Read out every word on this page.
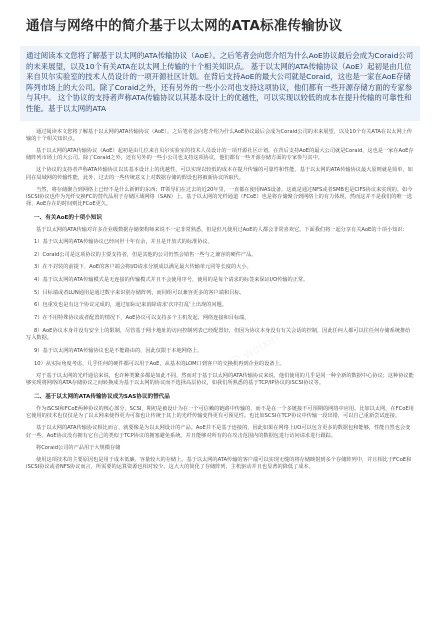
通信与网络中的简介基于以太网的ATA标准传输协议

通过阅读本文您将了解基于以太网的ATA传输协议（AoE）。之后笔者会向您介绍为什么AoE协议最后会成为Coraid公司的未来展望，以及10个有关ATA在以太网上传输的十个相关知识点。 基于以太网的ATA传输协议（AoE）起初是由几位来自贝尔实验室的技术人员设计的一项开源社区计划。在背后支持AoE的最大公司就是Coraid，这也是一家在AoE存储阵列市场上的大公司。除了Coraid之外，还有另外的一些小公司也支持这项协议，他们都有一些开源存储方面的专家参与其中。 这个协议的支持者声称ATA传输协议以其基本设计上的优越性，可以实现以较低的成本在提升传输的可靠性和性能。基于以太网的ATA

通过阅读本文您将了解基于以太网的ATA传输协议（AoE）。之后笔者会向您介绍为什么AoE协议最后会成为Coraid公司的未来展望，以及10个有关ATA在以太网上传输的十个相关知识点。

基于以太网的ATA传输协议（AoE）起初是由几位来自贝尔实验室的技术人员设计的一项开源社区计划。在背后支持AoE的最大公司就是Coraid，这也是一家在AoE存储阵列市场上的大公司。除了Coraid之外，还有另外的一些小公司也支持这项协议，他们都有一些开源存储方面的专家参与其中。

这个协议的支持者声称ATA传输协议以其基本设计上的优越性，可以实现以较低的成本在提升传输的可靠性和性能。基于以太网的ATA传输协议最大原则就是简单，如同在局域网的传输性能，此外，过去的一些传统意义上对数据存储的假设也将被新协议所取代。

当然，将存储聚合到网络上已经不是什么新鲜的东西；IT领导们在过去的近20年里，一直都在使用NAS设备，这就是通过NFS或者SMB也是CIFS协议来实现的。如今iSCSI协议也作为光纤交换FC的替代品用于存储区域网络（SAN）上。基于以太网的光纤通道（FCoE）也是将存储聚合到网络上的有力体现，然而这并不是我们的唯一选择，AoE存在的时间则比FCoE更久。

一、有关AoE的十项小知识

基于以太网的ATA传输对许多企业级数据存储架构师来说不一定非常熟悉，但是但凡使用过AoE的人都会非常喜欢它。下面我们将一起分享有关AoE的十项小知识：

1）基于以太网的ATA传输协议已经问世十年有余，并且是开放式的标准协议。

2）Coraid公司是这项协议的主要支持者，但是其他的公司仍然会销售一些与之兼容的硬件产品。

3）在不封装的前提下，AoE的客户端会将I/O请求分割成以满足最大传输单元同等长度的大小。

4）基于以太网的ATA传输模式是无连接的传输模式并且不会使用序号，使用的是每个请求的标签来保证I/O传输的正常。

5）目标端或者LUN通用是通过数字来识别存储阵列，而同组可以兼容更多的客户端和目标。

6）包重发也是有这个协议完成的，通过加际记来消除请求'次序打乱'上出现的问题。

7）在不用特殊协议或者配置的情况下，AoE协议可以支持多个主机发起、网络连接和目标端。

8）AoE协议本身并没有安全上的限制，尽管基于网卡地址的访问控制列表已经配置好，但因为协议本身没有有关会话的控制，因此任何人都可以往任何存储系统推给写入数据。

9）基于以太网的ATA传输协议也是不能路由的，因此仅限于本地网络上。

10）从实际角度考虑，几乎任何的硬件都可以用于AoE，从基本的LOM口到客户的交换机再到企业的设备上。

对于基于以太网的光纤通信来说，也许种类繁多都是如此不同，然而对于基于以太网的ATA传输协议来说，他们使用的几乎是同一种全新的数据中心协议；这种协议能够实现将网络的ATA存储协议之间转换成为基于以太网的协议而不选择高层协议，如我们所熟悉的基于TCP/IP协议的iSCSI协议等。

二、基于以太网的ATA传输协议成为SAS协议的替代品

作为iSCSI和FCoE两种协议的核心部分，SCSI，期初是被设计为在一个可信赖的链路中传输的，而不是在一个多链接不可预期的网络中应用。比如以太网。在FCoE用它使用的技术也仅仅是为了以太网来使得更为可靠也让传统于其上的光纤传输变得更有可预见性。也比如SCSI在TCP协议中传输一段出错，可以自己重新尝试连接。

基于以太网的ATA传输协议相比而言，就要像是为以太网设计的产品。AoE并不是基于连接的，因此如果在网络上I/O可以包含更多的数据包和能够，性能自然也会变好一些。AoE协议没有拥有它自己的类似于TCP协议的拥塞避免系统，并且能够对所有的在攻击范围内的数据包进行访问请求进行跟踪。

将Coraid公司的产品用于大规模存储

使用这项技术的主要原因也是用于成本低廉、容量较大的存储上。基于以太网的ATA传输的客户端可以实现无缝的将存储映射到多个存储阵列中，并且相比于FCoE和iSCSI协议或者NFS协议而言，所需要的运算资源也相对较少。这大大的简化了存储阵列、主机驱动并且也显著的降低了成本。

@ weixin
